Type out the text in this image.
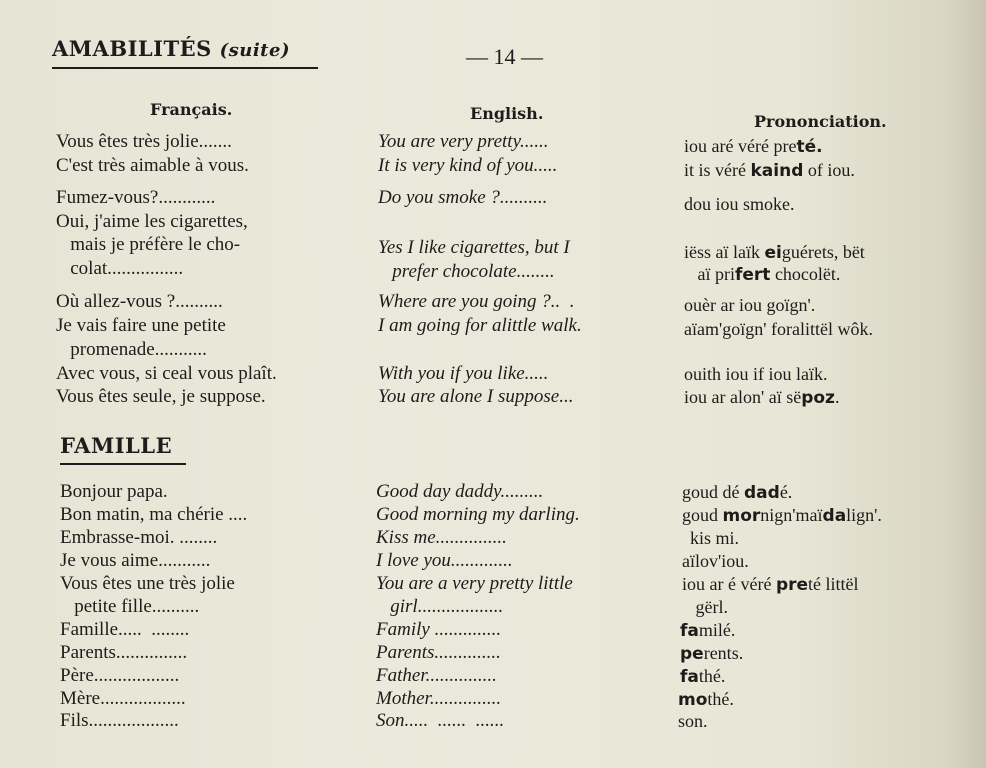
AMABILITÉS (suite)	— 14 —
Français.	English.	Prononciation.
Vous êtes très jolie.......	You are very pretty......	iou aré véré preté.
C'est très aimable à vous.	It is very kind of you.....	it is véré kaind of iou.
Fumez-vous?............	Do you smoke ?..........	dou iou smoke.
Oui, j'aime les cigarettes,
mais je préfère le cho-	Yes I like cigarettes, but I	iëss aï laïk eiguérets, bët
colat................	prefer chocolate........	aï prifert chocolët.
Où allez-vous ?..........	Where are you going ?..  .	ouèr ar iou goïgn'.
Je vais faire une petite	I am going for alittle walk.	aïam'goïgn' foralittël wôk.
promenade...........
Avec vous, si ceal vous plaît.	With you if you like.....	ouith iou if iou laïk.
Vous êtes seule, je suppose.	You are alone I suppose...	iou ar alon' aï sëpoz.
FAMILLE
Bonjour papa.	Good day daddy.........	goud dé dadé.
Bon matin, ma chérie ....	Good morning my darling.	goud mornign'maïdalign'.
Embrasse-moi. ........	Kiss me...............	kis mi.
Je vous aime...........	I love you.............	aïlov'iou.
Vous êtes une très jolie	You are a very pretty little	iou ar é véré preté littël
petite fille..........	girl..................	gërl.
Famille.....  ........	Family ..............	familé.
Parents...............	Parents..............	perents.
Père..................	Father...............	fathé.
Mère..................	Mother...............	mothé.
Fils...................	Son.....  ......  ......	son.
